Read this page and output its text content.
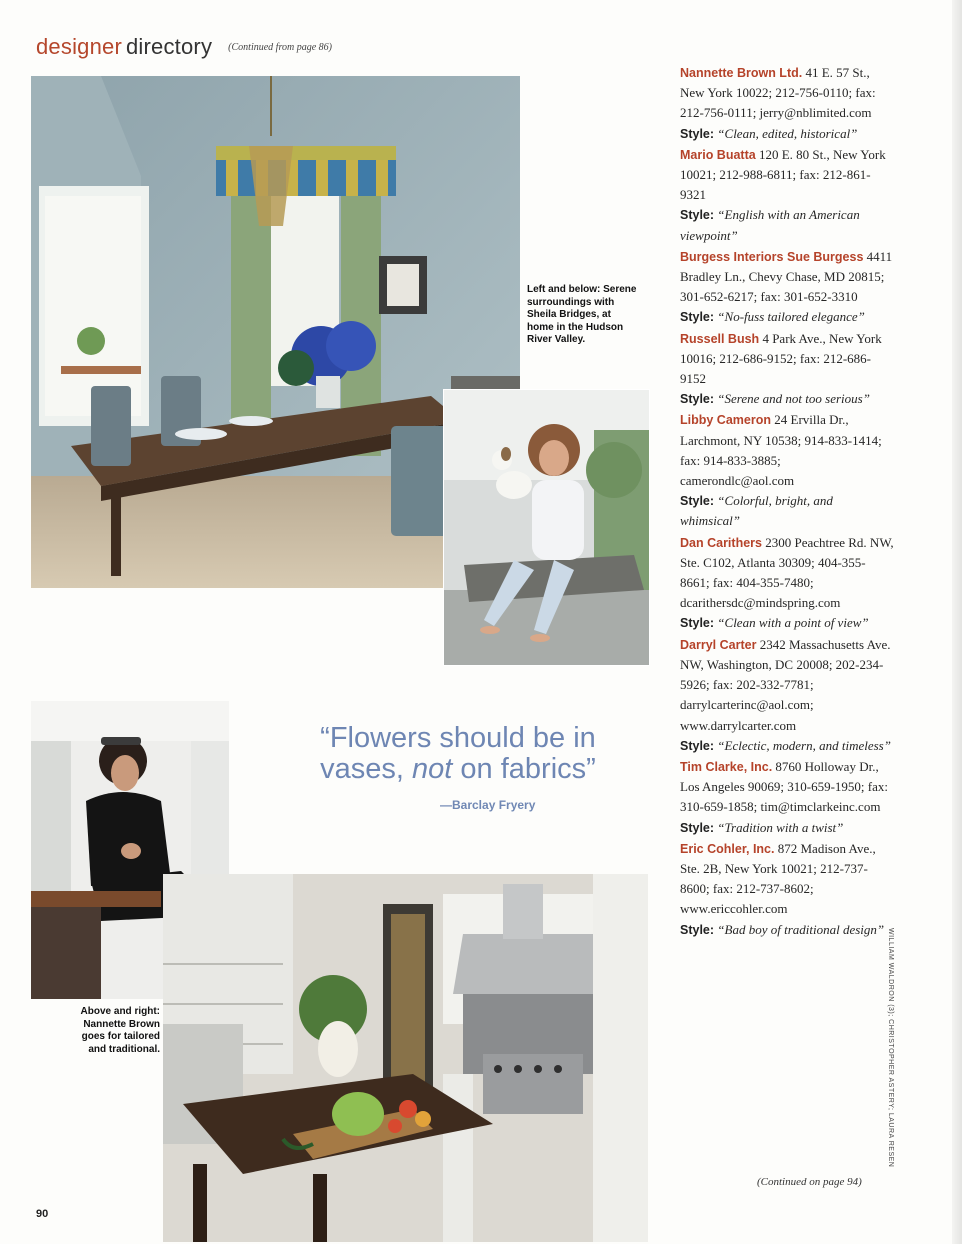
designer directory $^{(Continued from page 86)}$
Left and below: Serene surroundings with Sheila Bridges, at home in the Hudson River Valley.
Above and right: Nannette Brown goes for tailored and traditional.
“Flowers should be in vases, not on fabrics”
—Barclay Fryery

Nannette Brown Ltd. 41 E. 57 St., New York 10022; 212-756-0110; fax: 212-756-0111; jerry@nblimited.com

Style: “Clean, edited, historical”

Mario Buatta 120 E. 80 St., New York 10021; 212-988-6811; fax: 212-861-9321

Style: “English with an American viewpoint”

Burgess Interiors Sue Burgess 4411 Bradley Ln., Chevy Chase, MD 20815; 301-652-6217; fax: 301-652-3310

Style: “No-fuss tailored elegance”

Russell Bush 4 Park Ave., New York 10016; 212-686-9152; fax: 212-686-9152

Style: “Serene and not too serious”

Libby Cameron 24 Ervilla Dr., Larchmont, NY 10538; 914-833-1414; fax: 914-833-3885; camerondlc@aol.com

Style: “Colorful, bright, and whimsical”

Dan Carithers 2300 Peachtree Rd. NW, Ste. C102, Atlanta 30309; 404-355-8661; fax: 404-355-7480; dcarithersdc@mindspring.com

Style: “Clean with a point of view”

Darryl Carter 2342 Massachusetts Ave. NW, Washington, DC 20008; 202-234-5926; fax: 202-332-7781; darrylcarterinc@aol.com; www.darrylcarter.com

Style: “Eclectic, modern, and timeless”

Tim Clarke, Inc. 8760 Holloway Dr., Los Angeles 90069; 310-659-1950; fax: 310-659-1858; tim@timclarkeinc.com

Style: “Tradition with a twist”

Eric Cohler, Inc. 872 Madison Ave., Ste. 2B, New York 10021; 212-737-8600; fax: 212-737-8602; www.ericcohler.com

Style: “Bad boy of traditional design”

(Continued on page 94)
90
WILLIAM WALDRON (3); CHRISTOPHER ASTERY; LAURA RESEN
